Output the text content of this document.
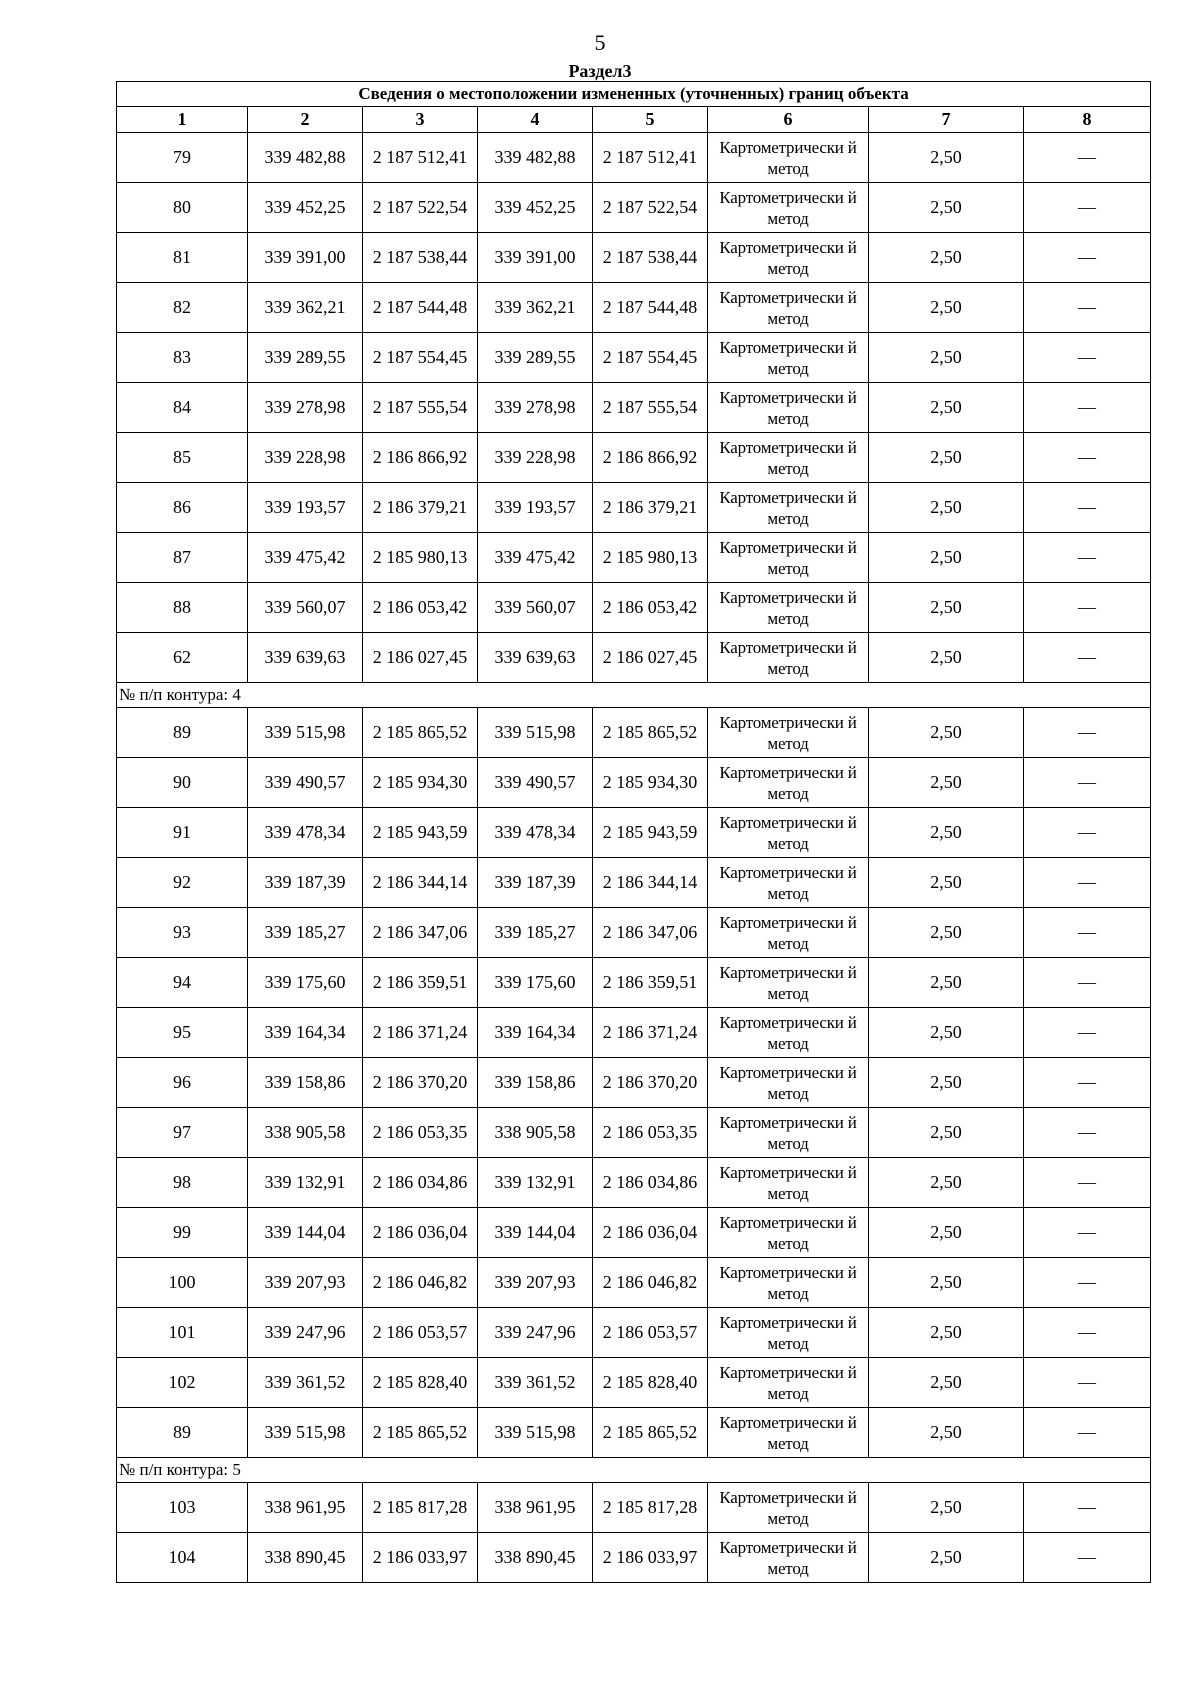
5
Раздел3
Сведения о местоположении измененных (уточненных) границ объекта							
1	2	3	4	5	6	7	8
79	339 482,88	2 187 512,41	339 482,88	2 187 512,41	Картометрически й метод	2,50	—
80	339 452,25	2 187 522,54	339 452,25	2 187 522,54	Картометрически й метод	2,50	—
81	339 391,00	2 187 538,44	339 391,00	2 187 538,44	Картометрически й метод	2,50	—
82	339 362,21	2 187 544,48	339 362,21	2 187 544,48	Картометрически й метод	2,50	—
83	339 289,55	2 187 554,45	339 289,55	2 187 554,45	Картометрически й метод	2,50	—
84	339 278,98	2 187 555,54	339 278,98	2 187 555,54	Картометрически й метод	2,50	—
85	339 228,98	2 186 866,92	339 228,98	2 186 866,92	Картометрически й метод	2,50	—
86	339 193,57	2 186 379,21	339 193,57	2 186 379,21	Картометрически й метод	2,50	—
87	339 475,42	2 185 980,13	339 475,42	2 185 980,13	Картометрически й метод	2,50	—
88	339 560,07	2 186 053,42	339 560,07	2 186 053,42	Картометрически й метод	2,50	—
62	339 639,63	2 186 027,45	339 639,63	2 186 027,45	Картометрически й метод	2,50	—
№ п/п контура: 4							
89	339 515,98	2 185 865,52	339 515,98	2 185 865,52	Картометрически й метод	2,50	—
90	339 490,57	2 185 934,30	339 490,57	2 185 934,30	Картометрически й метод	2,50	—
91	339 478,34	2 185 943,59	339 478,34	2 185 943,59	Картометрически й метод	2,50	—
92	339 187,39	2 186 344,14	339 187,39	2 186 344,14	Картометрически й метод	2,50	—
93	339 185,27	2 186 347,06	339 185,27	2 186 347,06	Картометрически й метод	2,50	—
94	339 175,60	2 186 359,51	339 175,60	2 186 359,51	Картометрически й метод	2,50	—
95	339 164,34	2 186 371,24	339 164,34	2 186 371,24	Картометрически й метод	2,50	—
96	339 158,86	2 186 370,20	339 158,86	2 186 370,20	Картометрически й метод	2,50	—
97	338 905,58	2 186 053,35	338 905,58	2 186 053,35	Картометрически й метод	2,50	—
98	339 132,91	2 186 034,86	339 132,91	2 186 034,86	Картометрически й метод	2,50	—
99	339 144,04	2 186 036,04	339 144,04	2 186 036,04	Картометрически й метод	2,50	—
100	339 207,93	2 186 046,82	339 207,93	2 186 046,82	Картометрически й метод	2,50	—
101	339 247,96	2 186 053,57	339 247,96	2 186 053,57	Картометрически й метод	2,50	—
102	339 361,52	2 185 828,40	339 361,52	2 185 828,40	Картометрически й метод	2,50	—
89	339 515,98	2 185 865,52	339 515,98	2 185 865,52	Картометрически й метод	2,50	—
№ п/п контура: 5							
103	338 961,95	2 185 817,28	338 961,95	2 185 817,28	Картометрически й метод	2,50	—
104	338 890,45	2 186 033,97	338 890,45	2 186 033,97	Картометрически й метод	2,50	—
